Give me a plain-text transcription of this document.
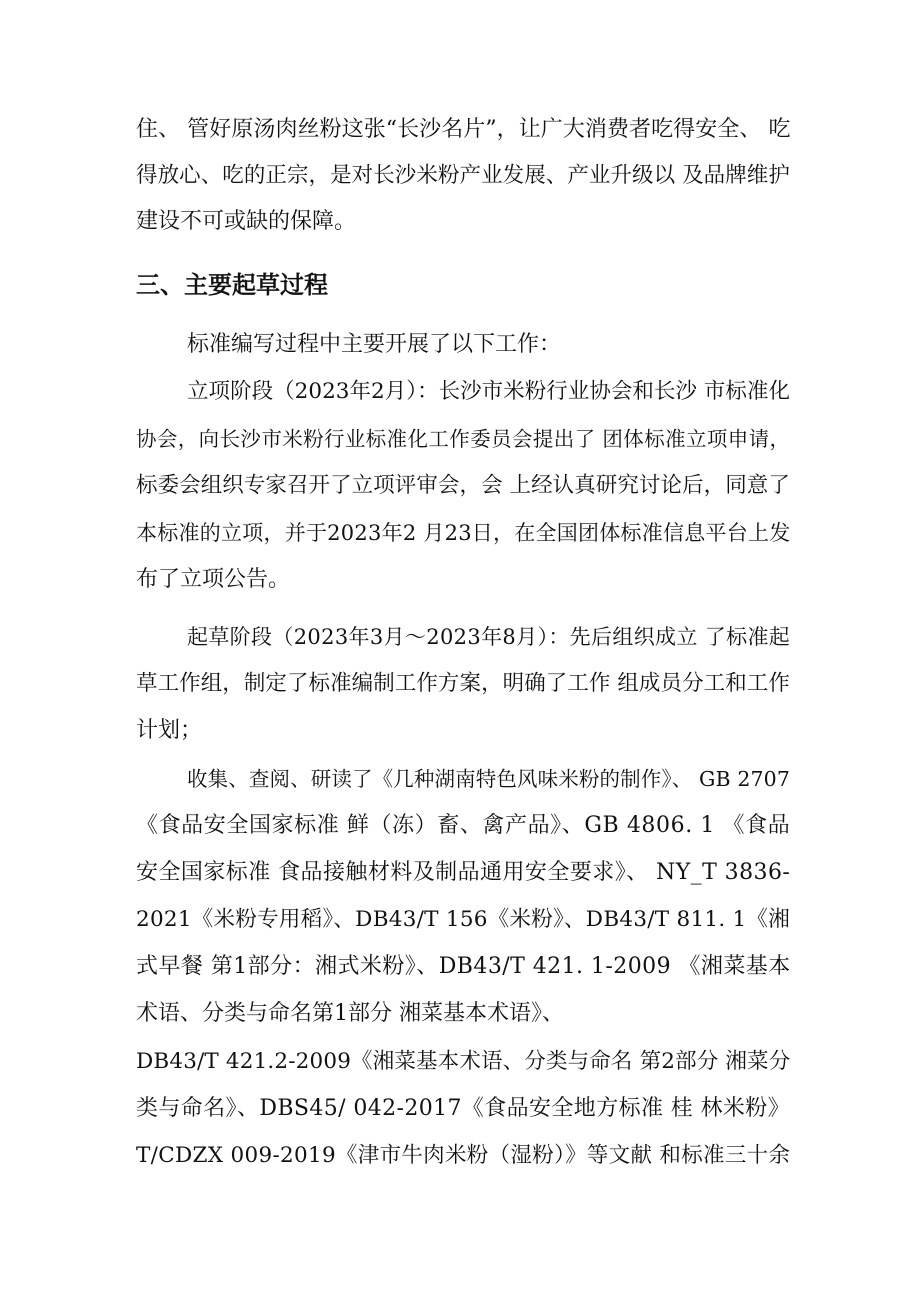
住、 管好原汤肉丝粉这张“长沙名片”，让广大消费者吃得安全、 吃
得放心、吃的正宗，是对长沙米粉产业发展、产业升级以 及品牌维护
建设不可或缺的保障。
三、主要起草过程
标准编写过程中主要开展了以下工作：
立项阶段（2023年2月）：长沙市米粉行业协会和长沙 市标准化
协会，向长沙市米粉行业标准化工作委员会提出了 团体标准立项申请，
标委会组织专家召开了立项评审会，会 上经认真研究讨论后，同意了
本标准的立项，并于2023年2 月23日，在全国团体标准信息平台上发
布了立项公告。
起草阶段（2023年3月～2023年8月）：先后组织成立 了标准起
草工作组，制定了标准编制工作方案，明确了工作 组成员分工和工作
计划；
收集、查阅、研读了《几种湖南特色风味米粉的制作》、 GB 2707
《食品安全国家标准 鲜（冻）畜、禽产品》、GB 4806. 1 《食品
安全国家标准 食品接触材料及制品通用安全要求》、 NY_T 3836-
2021《米粉专用稻》、DB43/T 156《米粉》、DB43/T 811. 1《湘
式早餐 第1部分：湘式米粉》、DB43/T 421. 1-2009 《湘菜基本
术语、分类与命名第1部分 湘菜基本术语》、
DB43/T 421.2-2009《湘菜基本术语、分类与命名 第2部分 湘菜分
类与命名》、DBS45/ 042-2017《食品安全地方标准 桂 林米粉》
T/CDZX 009-2019《津市牛肉米粉（湿粉）》等文献 和标准三十余
